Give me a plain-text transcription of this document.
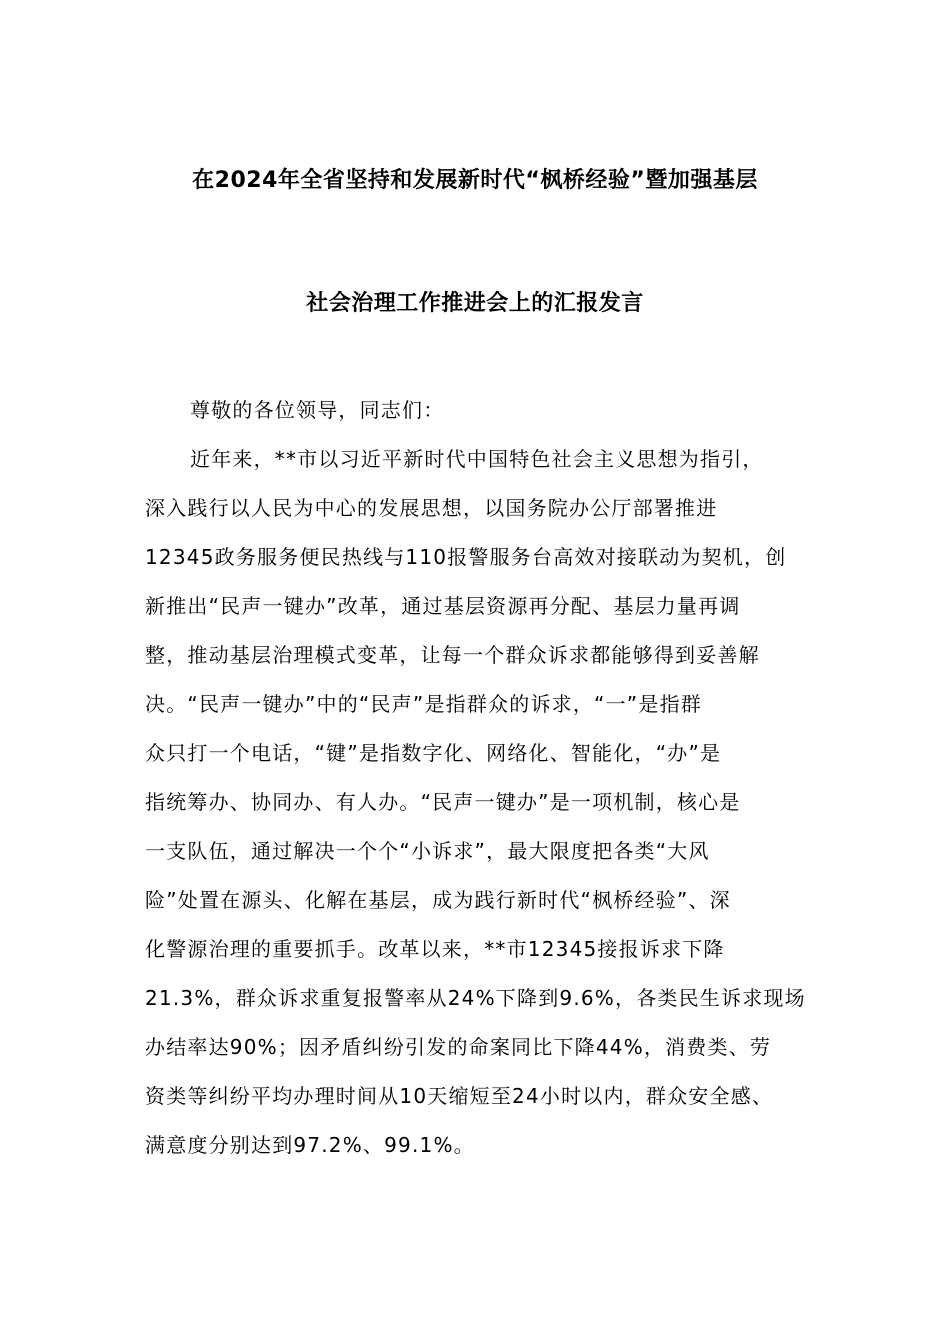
在2024年全省坚持和发展新时代“枫桥经验”暨加强基层
社会治理工作推进会上的汇报发言
尊敬的各位领导，同志们：
近年来，**市以习近平新时代中国特色社会主义思想为指引，
深入践行以人民为中心的发展思想，以国务院办公厅部署推进
12345政务服务便民热线与110报警服务台高效对接联动为契机，创
新推出“民声一键办”改革，通过基层资源再分配、基层力量再调
整，推动基层治理模式变革，让每一个群众诉求都能够得到妥善解
决。“民声一键办”中的“民声”是指群众的诉求，“一”是指群
众只打一个电话，“键”是指数字化、网络化、智能化，“办”是
指统筹办、协同办、有人办。“民声一键办”是一项机制，核心是
一支队伍，通过解决一个个“小诉求”，最大限度把各类“大风
险”处置在源头、化解在基层，成为践行新时代“枫桥经验”、深
化警源治理的重要抓手。改革以来，**市12345接报诉求下降
21.3%，群众诉求重复报警率从24%下降到9.6%，各类民生诉求现场
办结率达90%；因矛盾纠纷引发的命案同比下降44%，消费类、劳
资类等纠纷平均办理时间从10天缩短至24小时以内，群众安全感、
满意度分别达到97.2%、99.1%。
